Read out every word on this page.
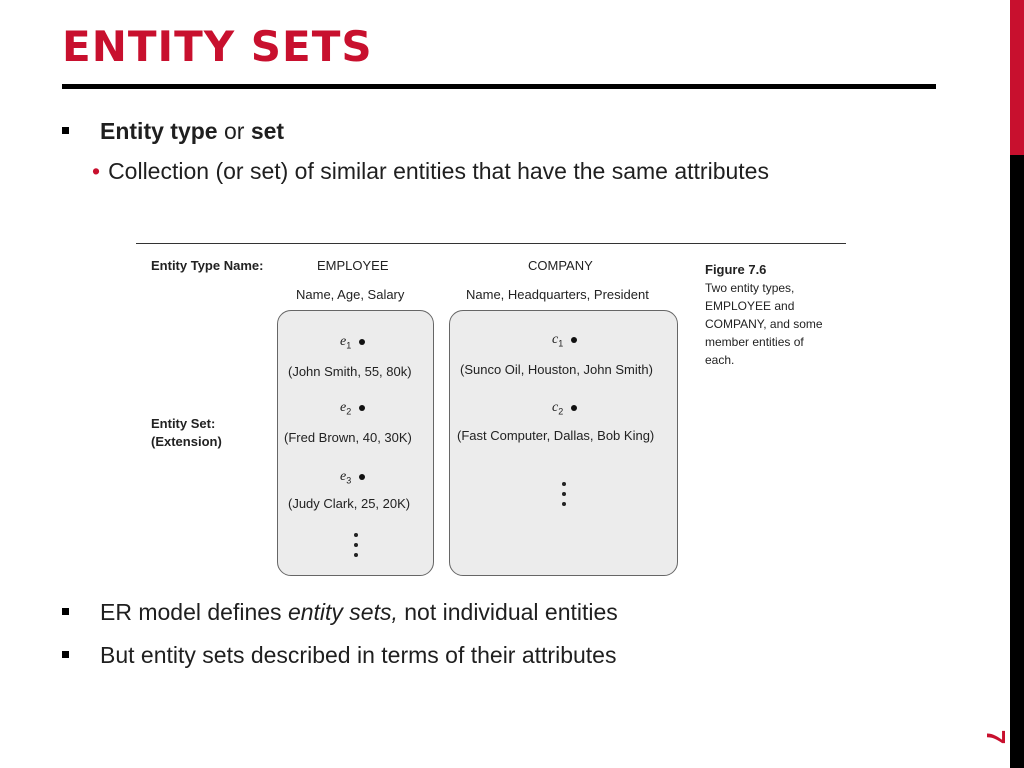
7
ENTITY SETS
Entity type or set
• Collection (or set) of similar entities that have the same attributes
Entity Type Name:	EMPLOYEE	COMPANY
Name, Age, Salary	Name, Headquarters, President
Entity Set:
(Extension)
$e_1$
(John Smith, 55, 80k)
$e_2$
(Fred Brown, 40, 30K)
$e_3$
(Judy Clark, 25, 20K)
$c_1$
(Sunco Oil, Houston, John Smith)
$c_2$
(Fast Computer, Dallas, Bob King)
Figure 7.6
Two entity types,
EMPLOYEE and
COMPANY, and some
member entities of
each.
ER model defines entity sets, not individual entities
But entity sets described in terms of their attributes
